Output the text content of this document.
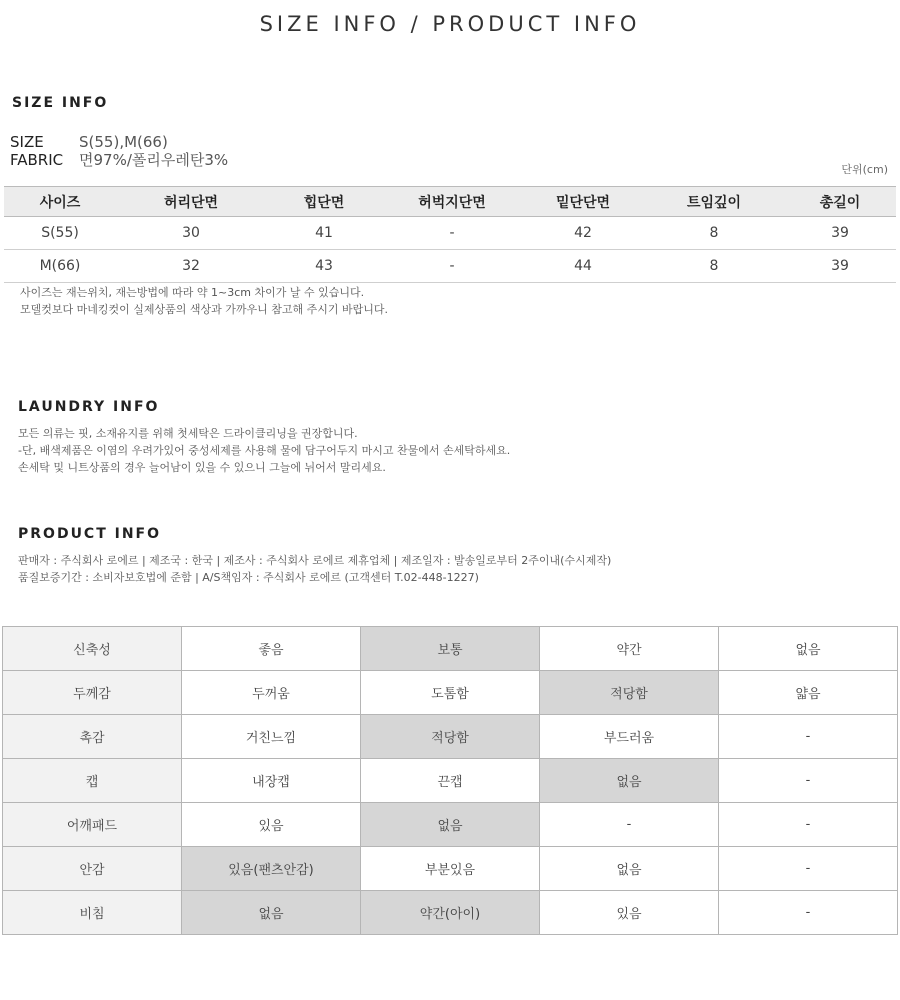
SIZE INFO / PRODUCT INFO
SIZE INFO
SIZE S(55),M(66)
FABRIC 면97%/폴리우레탄3%
단위(cm)
사이즈	허리단면	힙단면	허벅지단면	밑단단면	트임깊이	총길이
S(55)	30	41	-	42	8	39
M(66)	32	43	-	44	8	39
사이즈는 재는위치, 재는방법에 따라 약 1~3cm 차이가 날 수 있습니다.
모델컷보다 마네킹컷이 실제상품의 색상과 가까우니 참고해 주시기 바랍니다.
LAUNDRY INFO
모든 의류는 핏, 소재유지를 위해 첫세탁은 드라이클리닝을 권장합니다.
-단, 배색제품은 이염의 우려가있어 중성세제를 사용해 물에 담구어두지 마시고 찬물에서 손세탁하세요.
손세탁 및 니트상품의 경우 늘어남이 있을 수 있으니 그늘에 뉘어서 말리세요.
PRODUCT INFO
판매자 : 주식회사 로에르 | 제조국 : 한국 | 제조사 : 주식회사 로에르 제휴업체 | 제조일자 : 발송일로부터 2주이내(수시제작)
품질보증기간 : 소비자보호법에 준함 | A/S책임자 : 주식회사 로에르 (고객센터 T.02-448-1227)
신축성	좋음	보통	약간	없음
두께감	두꺼움	도톰함	적당함	얇음
촉감	거친느낌	적당함	부드러움	-
캡	내장캡	끈캡	없음	-
어깨패드	있음	없음	-	-
안감	있음(팬츠안감)	부분있음	없음	-
비침	없음	약간(아이)	있음	-
